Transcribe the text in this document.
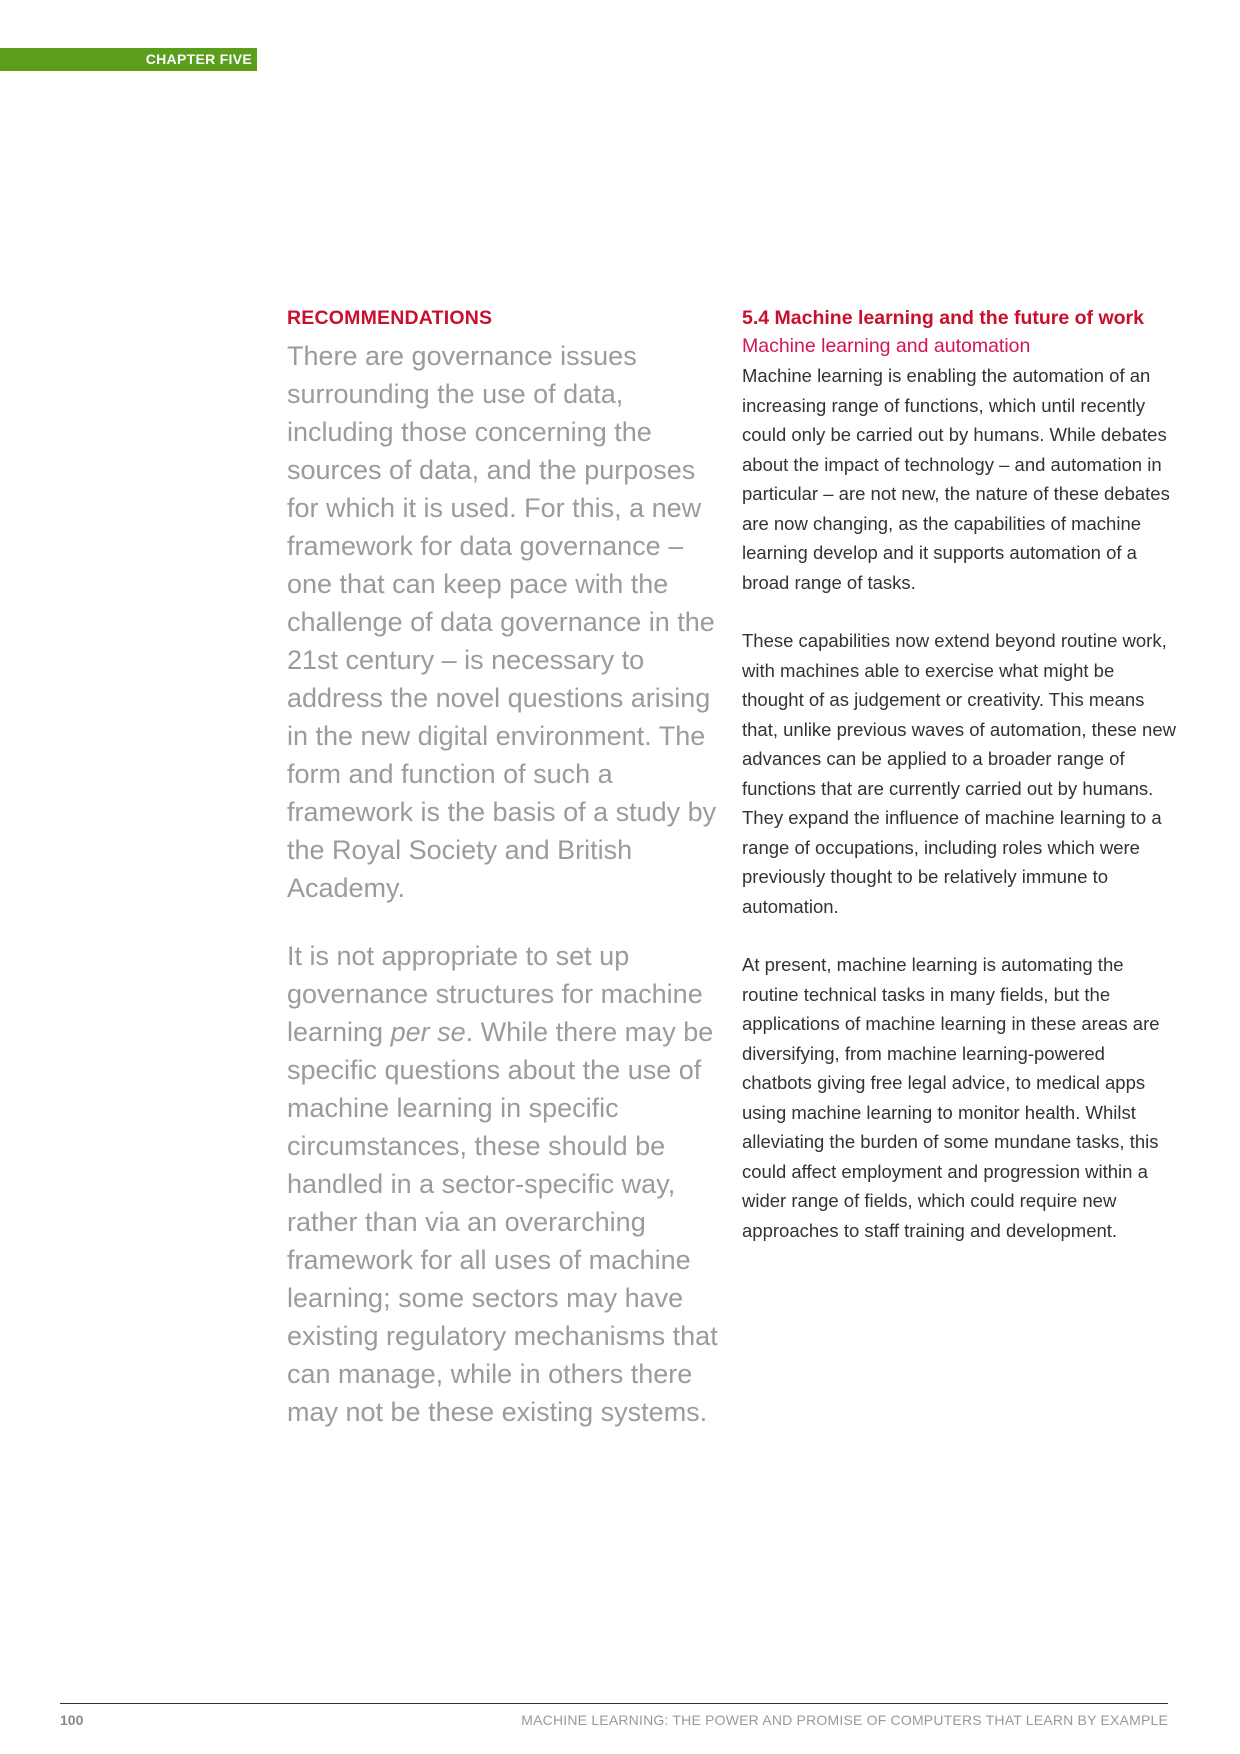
CHAPTER FIVE
RECOMMENDATIONS

There are governance issues surrounding the use of data, including those concerning the sources of data, and the purposes for which it is used. For this, a new framework for data governance – one that can keep pace with the challenge of data governance in the 21st century – is necessary to address the novel questions arising in the new digital environment. The form and function of such a framework is the basis of a study by the Royal Society and British Academy.

It is not appropriate to set up governance structures for machine learning per se. While there may be specific questions about the use of machine learning in specific circumstances, these should be handled in a sector-specific way, rather than via an overarching framework for all uses of machine learning; some sectors may have existing regulatory mechanisms that can manage, while in others there may not be these existing systems.

5.4 Machine learning and the future of work
Machine learning and automation

Machine learning is enabling the automation of an increasing range of functions, which until recently could only be carried out by humans. While debates about the impact of technology – and automation in particular – are not new, the nature of these debates are now changing, as the capabilities of machine learning develop and it supports automation of a broad range of tasks.

These capabilities now extend beyond routine work, with machines able to exercise what might be thought of as judgement or creativity. This means that, unlike previous waves of automation, these new advances can be applied to a broader range of functions that are currently carried out by humans. They expand the influence of machine learning to a range of occupations, including roles which were previously thought to be relatively immune to automation.

At present, machine learning is automating the routine technical tasks in many fields, but the applications of machine learning in these areas are diversifying, from machine learning-powered chatbots giving free legal advice, to medical apps using machine learning to monitor health. Whilst alleviating the burden of some mundane tasks, this could affect employment and progression within a wider range of fields, which could require new approaches to staff training and development.

100	MACHINE LEARNING: THE POWER AND PROMISE OF COMPUTERS THAT LEARN BY EXAMPLE
